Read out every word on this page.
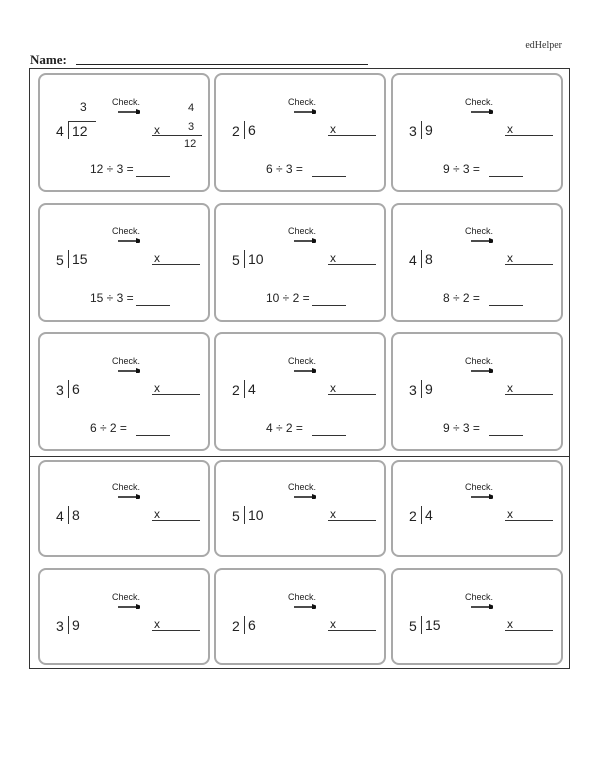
edHelper
Name:
3
4 12
Check.	4
x	3
12
12 ÷ 3 =
2 6
Check.
x
6 ÷ 3 =
3 9
Check.
x
9 ÷ 3 =
5 15
Check.
x
15 ÷ 3 =
5 10
Check.
x
10 ÷ 2 =
4 8
Check.
x
8 ÷ 2 =
3 6
Check.
x
6 ÷ 2 =
2 4
Check.
x
4 ÷ 2 =
3 9
Check.
x
9 ÷ 3 =
4 8
Check.
x	5 10
Check.
x	2 4
Check.
x
3 9
Check.
x	2 6
Check.
x	5 15
Check.
x
